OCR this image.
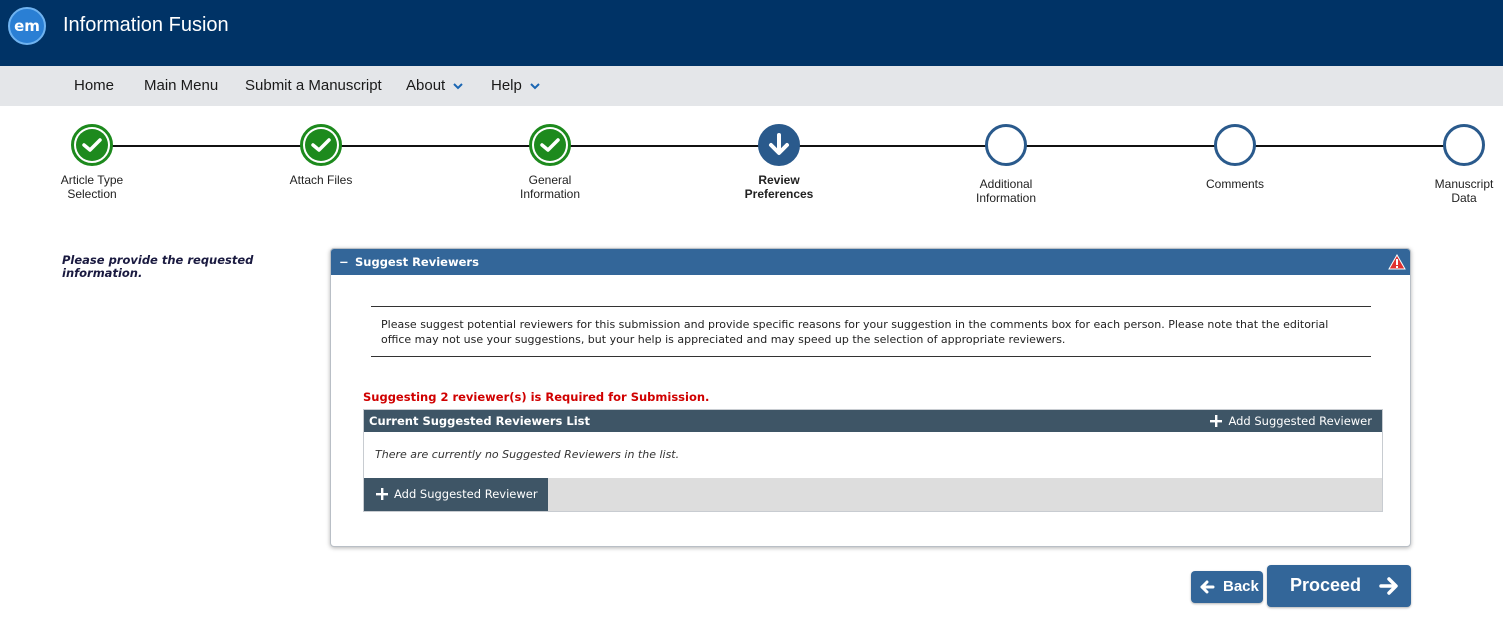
em	Information Fusion
Home Main Menu Submit a Manuscript About	Help
Article Type
Selection
Attach Files	General
Information
Review
Preferences
Additional
Information
Comments	Manuscript
Data
Please provide the requested information.
− Suggest Reviewers
Please suggest potential reviewers for this submission and provide specific reasons for your suggestion in the comments box for each person. Please note that the editorial office may not use your suggestions, but your help is appreciated and may speed up the selection of appropriate reviewers.
Suggesting 2 reviewer(s) is Required for Submission.
Current Suggested Reviewers List	Add Suggested Reviewer
There are currently no Suggested Reviewers in the list.
Add Suggested Reviewer
Back	Proceed
